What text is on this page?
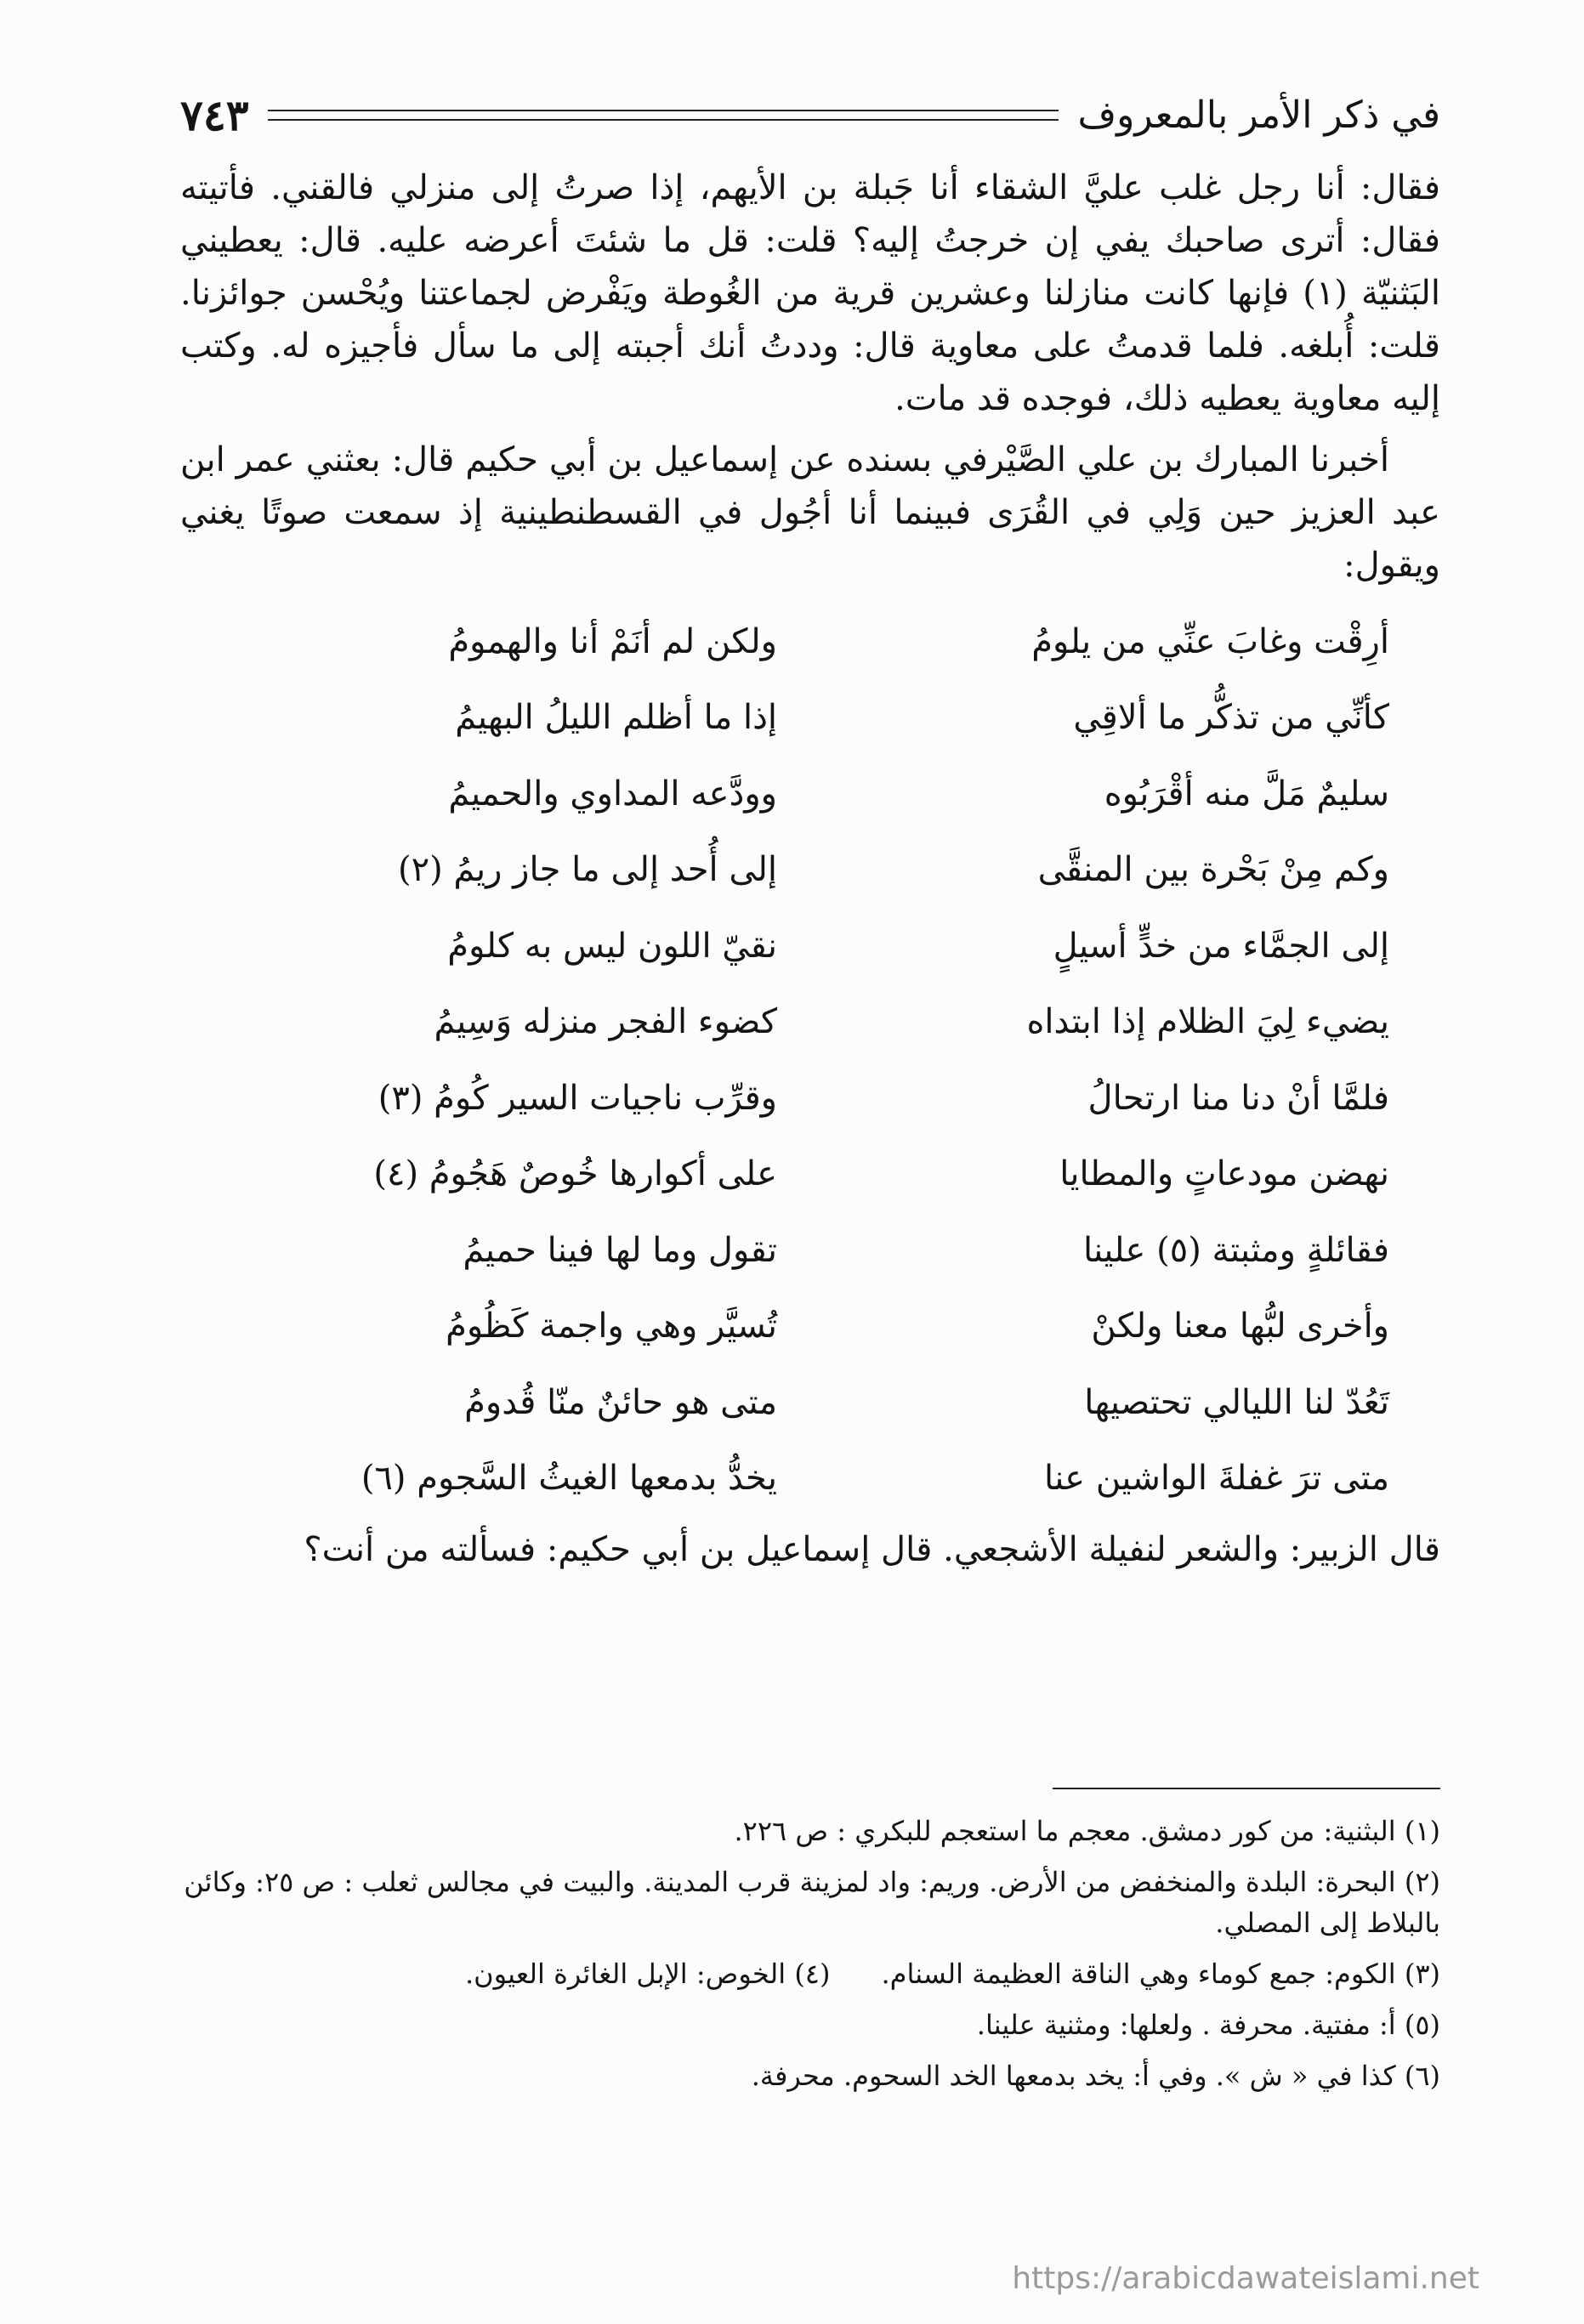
في ذكر الأمر بالمعروف
٧٤٣

فقال: أنا رجل غلب عليَّ الشقاء أنا جَبلة بن الأيهم، إذا صرتُ إلى منزلي فالقني. فأتيته فقال: أترى صاحبك يفي إن خرجتُ إليه؟ قلت: قل ما شئتَ أعرضه عليه. قال: يعطيني البَثنيّة (١) فإنها كانت منازلنا وعشرين قرية من الغُوطة ويَفْرض لجماعتنا ويُحْسن جوائزنا. قلت: أُبلغه. فلما قدمتُ على معاوية قال: وددتُ أنك أجبته إلى ما سأل فأجيزه له. وكتب إليه معاوية يعطيه ذلك، فوجده قد مات.

أخبرنا المبارك بن علي الصَّيْرفي بسنده عن إسماعيل بن أبي حكيم قال: بعثني عمر ابن عبد العزيز حين وَلِي في القُرَى فبينما أنا أجُول في القسطنطينية إذ سمعت صوتًا يغني ويقول:

أرِقْت وغابَ عنِّي من يلومُ
ولكن لم أنَمْ أنا والهمومُ
كأنِّي من تذكُّر ما ألاقِي
إذا ما أظلم الليلُ البهيمُ
سليمٌ مَلَّ منه أقْرَبُوه
وودَّعه المداوي والحميمُ
وكم مِنْ بَحْرة بين المنقَّى
إلى أُحد إلى ما جاز ريمُ (٢)
إلى الجمَّاء من خدٍّ أسيلٍ
نقيّ اللون ليس به كلومُ
يضيء لِيَ الظلام إذا ابتداه
كضوء الفجر منزله وَسِيمُ
فلمَّا أنْ دنا منا ارتحالُ
وقرِّب ناجيات السير كُومُ (٣)
نهضن مودعاتٍ والمطايا
على أكوارها خُوصٌ هَجُومُ (٤)
فقائلةٍ ومثبتة (٥) علينا
تقول وما لها فينا حميمُ
وأخرى لبُّها معنا ولكنْ
تُسيَّر وهي واجمة كَظُومُ
تَعُدّ لنا الليالي تحتصيها
متى هو حائنٌ منّا قُدومُ
متى ترَ غفلةَ الواشين عنا
يخدُّ بدمعها الغيثُ السَّجوم (٦)

قال الزبير: والشعر لنفيلة الأشجعي. قال إسماعيل بن أبي حكيم: فسألته من أنت؟

(١) البثنية: من كور دمشق. معجم ما استعجم للبكري : ص ٢٢٦.

(٢) البحرة: البلدة والمنخفض من الأرض. وريم: واد لمزينة قرب المدينة. والبيت في مجالس ثعلب : ص ٢٥: وكائن بالبلاط إلى المصلي.

(٣) الكوم: جمع كوماء وهي الناقة العظيمة السنام.
(٤) الخوص: الإبل الغائرة العيون.

(٥) أ: مفتية. محرفة . ولعلها: ومثنية علينا.

(٦) كذا في « ش ». وفي أ: يخد بدمعها الخد السحوم. محرفة.

https://arabicdawateislami.net
